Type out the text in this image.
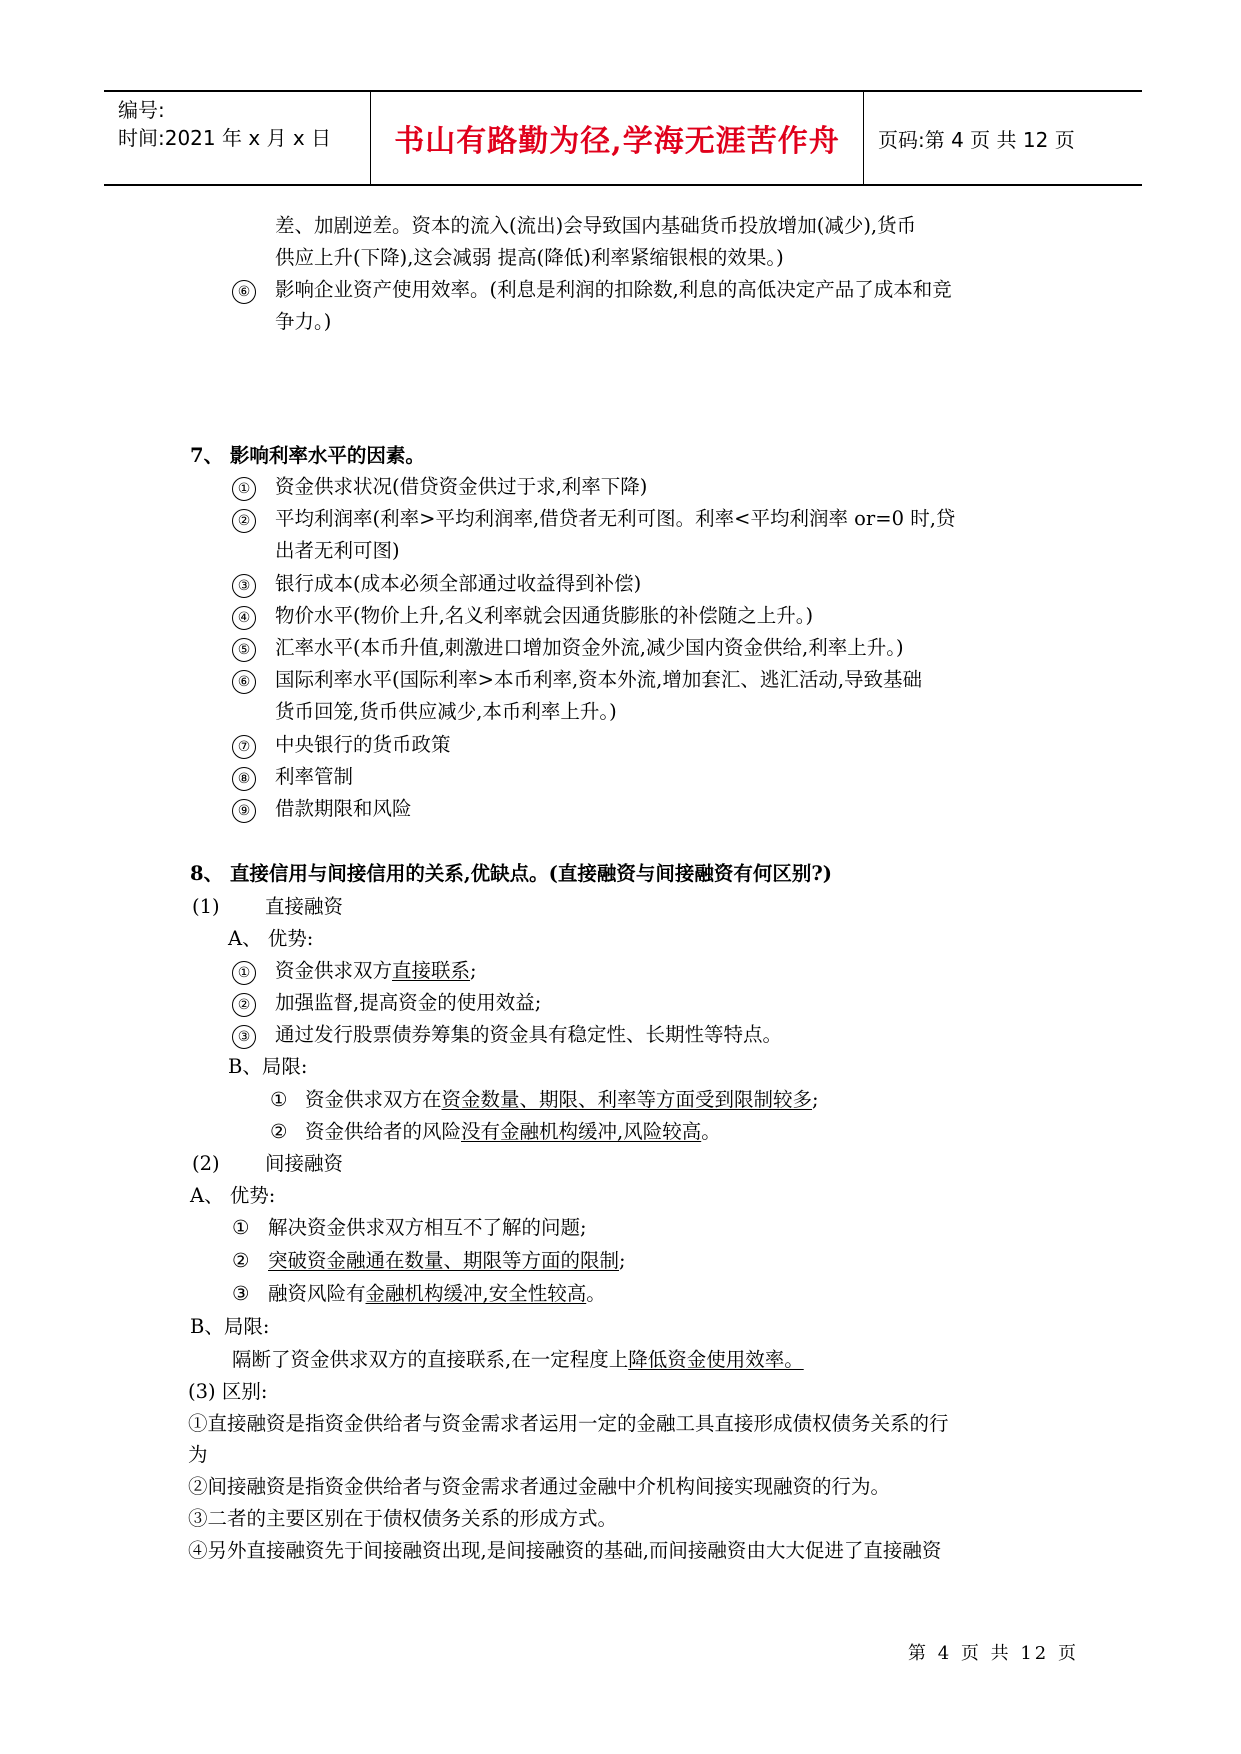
编号:
时间:2021 年 x 月 x 日	书山有路勤为径,学海无涯苦作舟 页码:第 4 页 共 12 页
差、加剧逆差。资本的流入(流出)会导致国内基础货币投放增加(减少),货币
供应上升(下降),这会减弱 提高(降低)利率紧缩银根的效果。)
⑥ 影响企业资产使用效率。(利息是利润的扣除数,利息的高低决定产品了成本和竞
争力。)
7、 影响利率水平的因素。
① 资金供求状况(借贷资金供过于求,利率下降)
② 平均利润率(利率>平均利润率,借贷者无利可图。利率<平均利润率 or=0 时,贷
出者无利可图)
③ 银行成本(成本必须全部通过收益得到补偿)
④ 物价水平(物价上升,名义利率就会因通货膨胀的补偿随之上升。)
⑤ 汇率水平(本币升值,刺激进口增加资金外流,减少国内资金供给,利率上升。)
⑥ 国际利率水平(国际利率>本币利率,资本外流,增加套汇、逃汇活动,导致基础
货币回笼,货币供应减少,本币利率上升。)
⑦ 中央银行的货币政策
⑧ 利率管制
⑨ 借款期限和风险
8、 直接信用与间接信用的关系,优缺点。(直接融资与间接融资有何区别?)
(1) 直接融资
A、 优势:
① 资金供求双方直接联系;
② 加强监督,提高资金的使用效益;
③ 通过发行股票债券筹集的资金具有稳定性、长期性等特点。
B、局限:
① 资金供求双方在资金数量、期限、利率等方面受到限制较多;
② 资金供给者的风险没有金融机构缓冲,风险较高。
(2) 间接融资
A、 优势:
① 解决资金供求双方相互不了解的问题;
② 突破资金融通在数量、期限等方面的限制;
③ 融资风险有金融机构缓冲,安全性较高。
B、局限:
隔断了资金供求双方的直接联系,在一定程度上降低资金使用效率。
(3) 区别:
①直接融资是指资金供给者与资金需求者运用一定的金融工具直接形成债权债务关系的行
为
②间接融资是指资金供给者与资金需求者通过金融中介机构间接实现融资的行为。
③二者的主要区别在于债权债务关系的形成方式。
④另外直接融资先于间接融资出现,是间接融资的基础,而间接融资由大大促进了直接融资
第 4 页 共 12 页
